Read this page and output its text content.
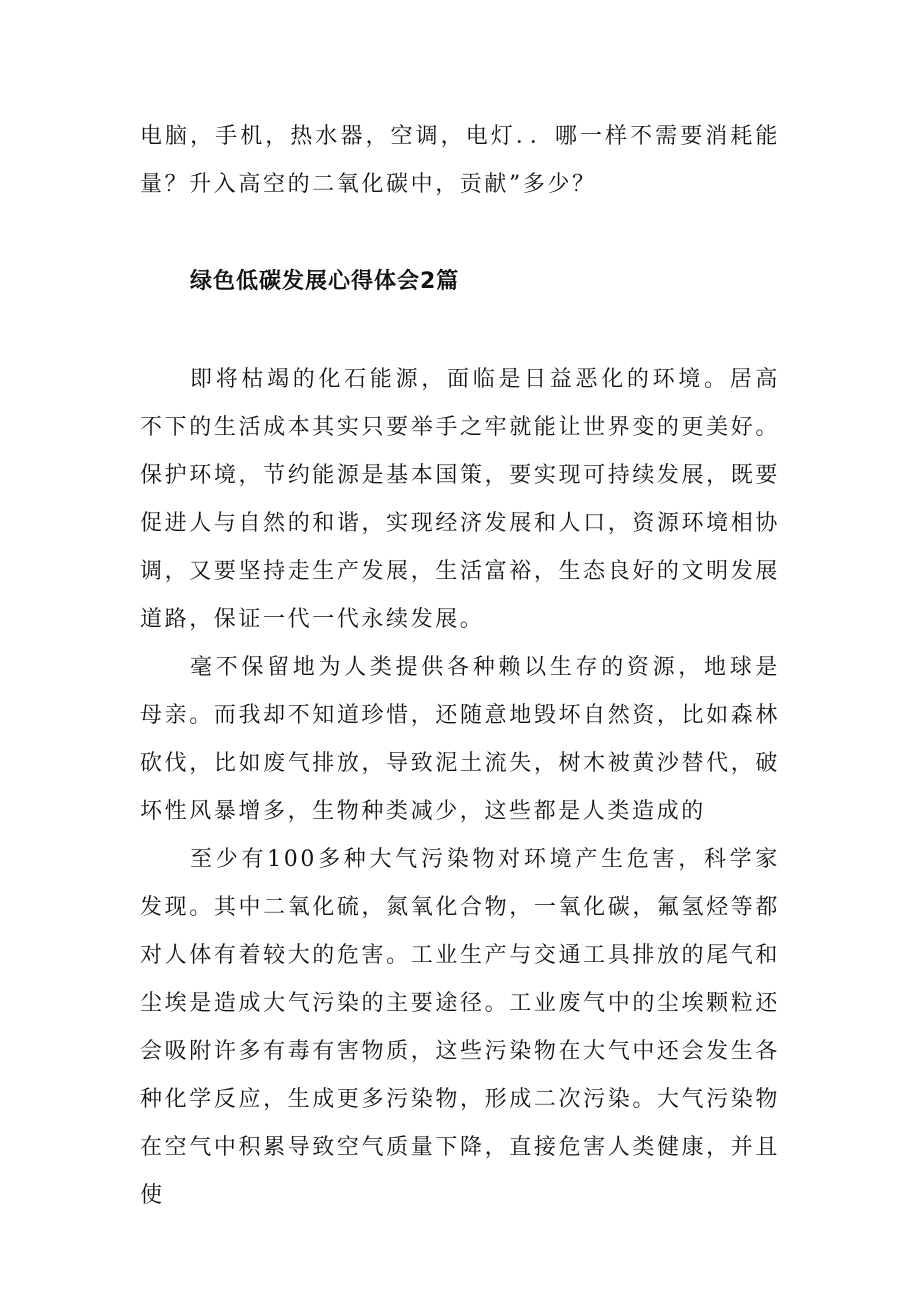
电脑，手机，热水器，空调，电灯．．哪一样不需要消耗能量？升入高空的二氧化碳中，贡献”多少？
绿色低碳发展心得体会2篇

即将枯竭的化石能源，面临是日益恶化的环境。居高不下的生活成本其实只要举手之牢就能让世界变的更美好。保护环境，节约能源是基本国策，要实现可持续发展，既要促进人与自然的和谐，实现经济发展和人口，资源环境相协调，又要坚持走生产发展，生活富裕，生态良好的文明发展道路，保证一代一代永续发展。

毫不保留地为人类提供各种赖以生存的资源，地球是母亲。而我却不知道珍惜，还随意地毁坏自然资，比如森林砍伐，比如废气排放，导致泥土流失，树木被黄沙替代，破坏性风暴增多，生物种类减少，这些都是人类造成的

至少有100多种大气污染物对环境产生危害，科学家发现。其中二氧化硫，氮氧化合物，一氧化碳，氟氢烃等都对人体有着较大的危害。工业生产与交通工具排放的尾气和尘埃是造成大气污染的主要途径。工业废气中的尘埃颗粒还会吸附许多有毒有害物质，这些污染物在大气中还会发生各种化学反应，生成更多污染物，形成二次污染。大气污染物在空气中积累导致空气质量下降，直接危害人类健康，并且使
